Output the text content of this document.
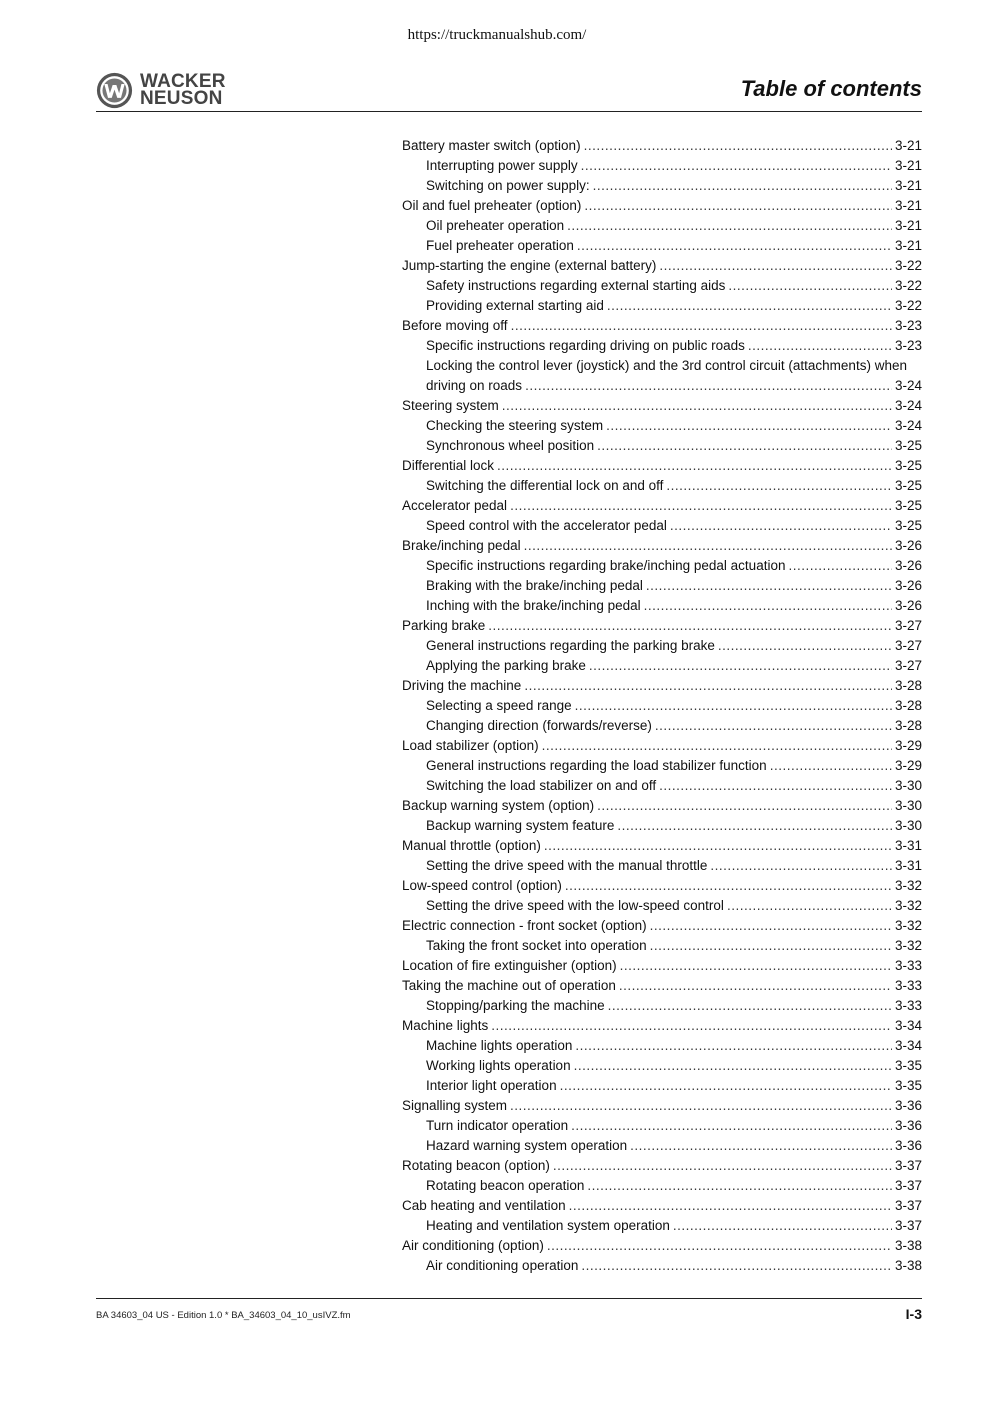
https://truckmanualshub.com/
WACKER
NEUSON	Table of contents
Battery master switch (option) .....	3-21
Interrupting power supply .....	3-21
Switching on power supply: .....	3-21
Oil and fuel preheater (option) .....	3-21
Oil preheater operation .....	3-21
Fuel preheater operation .....	3-21
Jump-starting the engine (external battery) .....	3-22
Safety instructions regarding external starting aids .....	3-22
Providing external starting aid .....	3-22
Before moving off .....	3-23
Specific instructions regarding driving on public roads .....	3-23
Locking the control lever (joystick) and the 3rd control circuit (attachments) when
driving on roads .....	3-24
Steering system .....	3-24
Checking the steering system .....	3-24
Synchronous wheel position .....	3-25
Differential lock .....	3-25
Switching the differential lock on and off .....	3-25
Accelerator pedal .....	3-25
Speed control with the accelerator pedal .....	3-25
Brake/inching pedal .....	3-26
Specific instructions regarding brake/inching pedal actuation .....	3-26
Braking with the brake/inching pedal .....	3-26
Inching with the brake/inching pedal .....	3-26
Parking brake .....	3-27
General instructions regarding the parking brake .....	3-27
Applying the parking brake .....	3-27
Driving the machine .....	3-28
Selecting a speed range .....	3-28
Changing direction (forwards/reverse) .....	3-28
Load stabilizer (option) .....	3-29
General instructions regarding the load stabilizer function .....	3-29
Switching the load stabilizer on and off .....	3-30
Backup warning system (option) .....	3-30
Backup warning system feature .....	3-30
Manual throttle (option) .....	3-31
Setting the drive speed with the manual throttle .....	3-31
Low-speed control (option) .....	3-32
Setting the drive speed with the low-speed control .....	3-32
Electric connection - front socket (option) .....	3-32
Taking the front socket into operation .....	3-32
Location of fire extinguisher (option) .....	3-33
Taking the machine out of operation .....	3-33
Stopping/parking the machine .....	3-33
Machine lights .....	3-34
Machine lights operation .....	3-34
Working lights operation .....	3-35
Interior light operation .....	3-35
Signalling system .....	3-36
Turn indicator operation .....	3-36
Hazard warning system operation .....	3-36
Rotating beacon (option) .....	3-37
Rotating beacon operation .....	3-37
Cab heating and ventilation .....	3-37
Heating and ventilation system operation .....	3-37
Air conditioning (option) .....	3-38
Air conditioning operation .....	3-38
BA 34603_04 US - Edition 1.0 * BA_34603_04_10_usIVZ.fm	I-3
